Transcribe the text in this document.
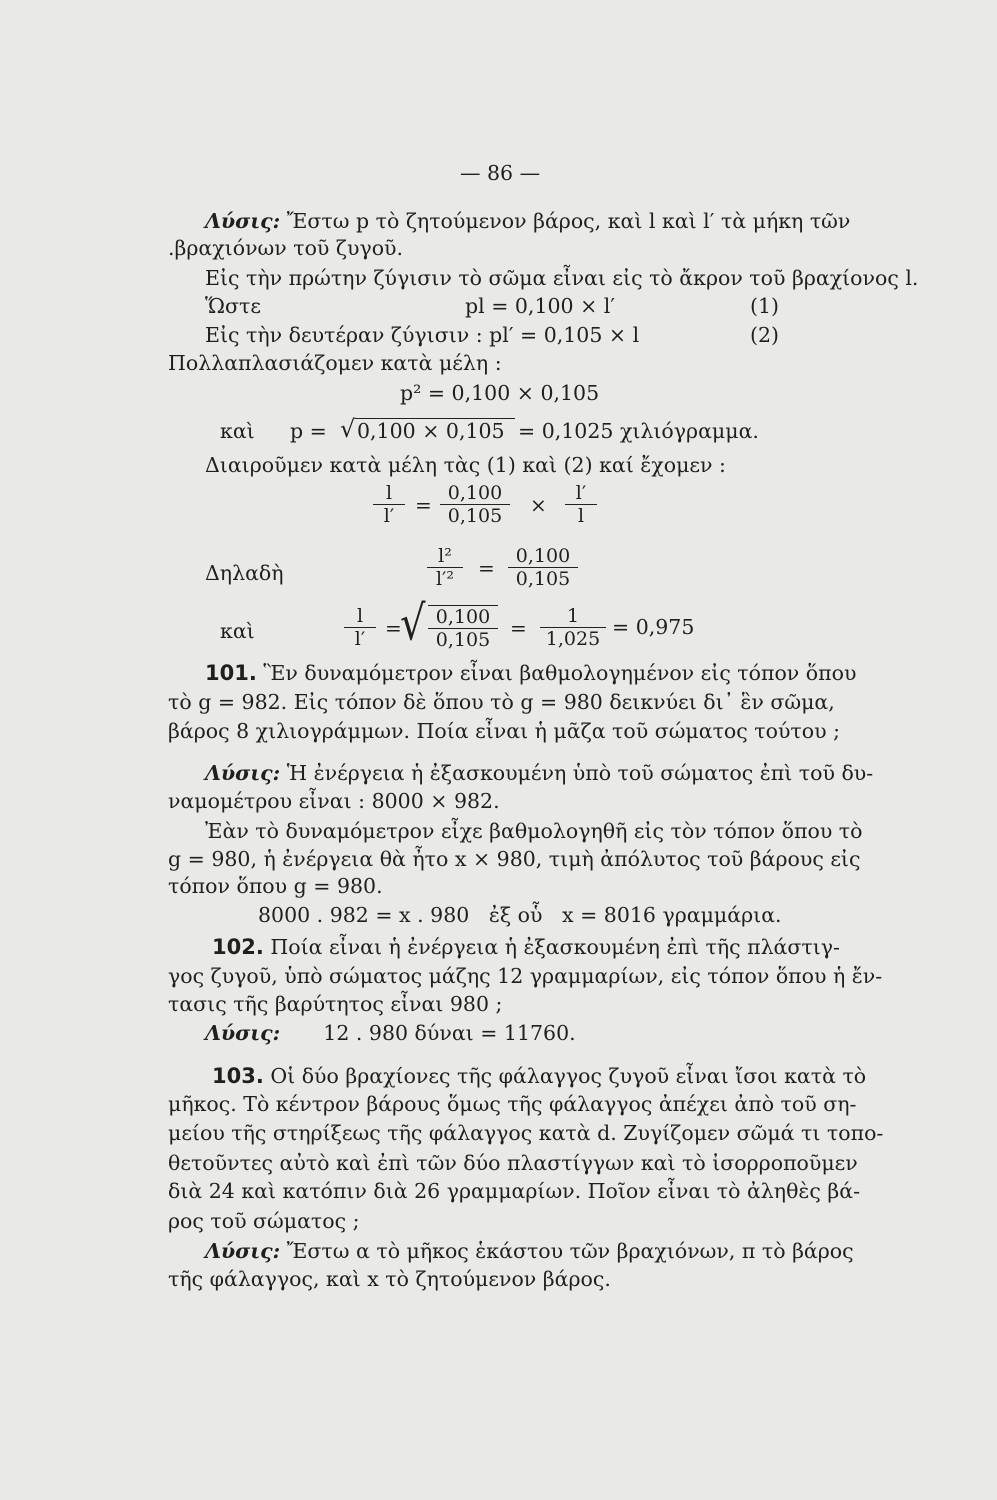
— 86 —
Λύσις: Ἔστω p τὸ ζητούμενον βάρος, καὶ l καὶ l′ τὰ μήκη τῶν
.βραχιόνων τοῦ ζυγοῦ.
Εἰς τὴν πρώτην ζύγισιν τὸ σῶμα εἶναι εἰς τὸ ἄκρον τοῦ βραχίονος l.
Ὥστε	pl = 0,100 × l′	(1)
Εἰς τὴν δευτέραν ζύγισιν : pl′ = 0,105 × l	(2)
Πολλαπλασιάζομεν κατὰ μέλη :
p² = 0,100 × 0,105
καὶ p = √ 0,100 × 0,105 = 0,1025 χιλιόγραμμα.
Διαιροῦμεν κατὰ μέλη τὰς (1) καὶ (2) καί ἔχομεν :
$\frac{l}{l'} = \frac{0,100}{0,105} \times \frac{l'}{l}$
Δηλαδὴ	$\frac{\text{l²}}{\text{l′²}} = \frac{0,100}{0,105}$
καὶ	$\frac{l}{l'}$ =
√ $\frac{0,100}{0,105} = \frac{1}{1,025} = 0,975$
101. Ἓν δυναμόμετρον εἶναι βαθμολογημένον εἰς τόπον ὅπου
τὸ g = 982. Εἰς τόπον δὲ ὅπου τὸ g = 980 δεικνύει δι᾽ ἓν σῶμα,
βάρος 8 χιλιογράμμων. Ποία εἶναι ἡ μᾶζα τοῦ σώματος τούτου ;
Λύσις: Ἡ ἐνέργεια ἡ ἐξασκουμένη ὑπὸ τοῦ σώματος ἐπὶ τοῦ δυ-
ναμομέτρου εἶναι : 8000 × 982.
Ἐὰν τὸ δυναμόμετρον εἶχε βαθμολογηθῆ εἰς τὸν τόπον ὅπου τὸ
g = 980, ἡ ἐνέργεια θὰ ἦτο x × 980, τιμὴ ἀπόλυτος τοῦ βάρους εἰς
τόπον ὅπου g = 980.
8000 . 982 = x . 980   ἐξ οὗ   x = 8016 γραμμάρια.
102. Ποία εἶναι ἡ ἐνέργεια ἡ ἐξασκουμένη ἐπὶ τῆς πλάστιγ-
γος ζυγοῦ, ὑπὸ σώματος μάζης 12 γραμμαρίων, εἰς τόπον ὅπου ἡ ἔν-
τασις τῆς βαρύτητος εἶναι 980 ;
Λύσις: 12 . 980 δύναι = 11760.
103. Οἱ δύο βραχίονες τῆς φάλαγγος ζυγοῦ εἶναι ἴσοι κατὰ τὸ
μῆκος. Τὸ κέντρον βάρους ὅμως τῆς φάλαγγος ἀπέχει ἀπὸ τοῦ ση-
μείου τῆς στηρίξεως τῆς φάλαγγος κατὰ d. Ζυγίζομεν σῶμά τι τοπο-
θετοῦντες αὐτὸ καὶ ἐπὶ τῶν δύο πλαστίγγων καὶ τὸ ἰσορροποῦμεν
διὰ 24 καὶ κατόπιν διὰ 26 γραμμαρίων. Ποῖον εἶναι τὸ ἀληθὲς βά-
ρος τοῦ σώματος ;
Λύσις: Ἔστω α τὸ μῆκος ἑκάστου τῶν βραχιόνων, π τὸ βάρος
τῆς φάλαγγος, καὶ x τὸ ζητούμενον βάρος.
